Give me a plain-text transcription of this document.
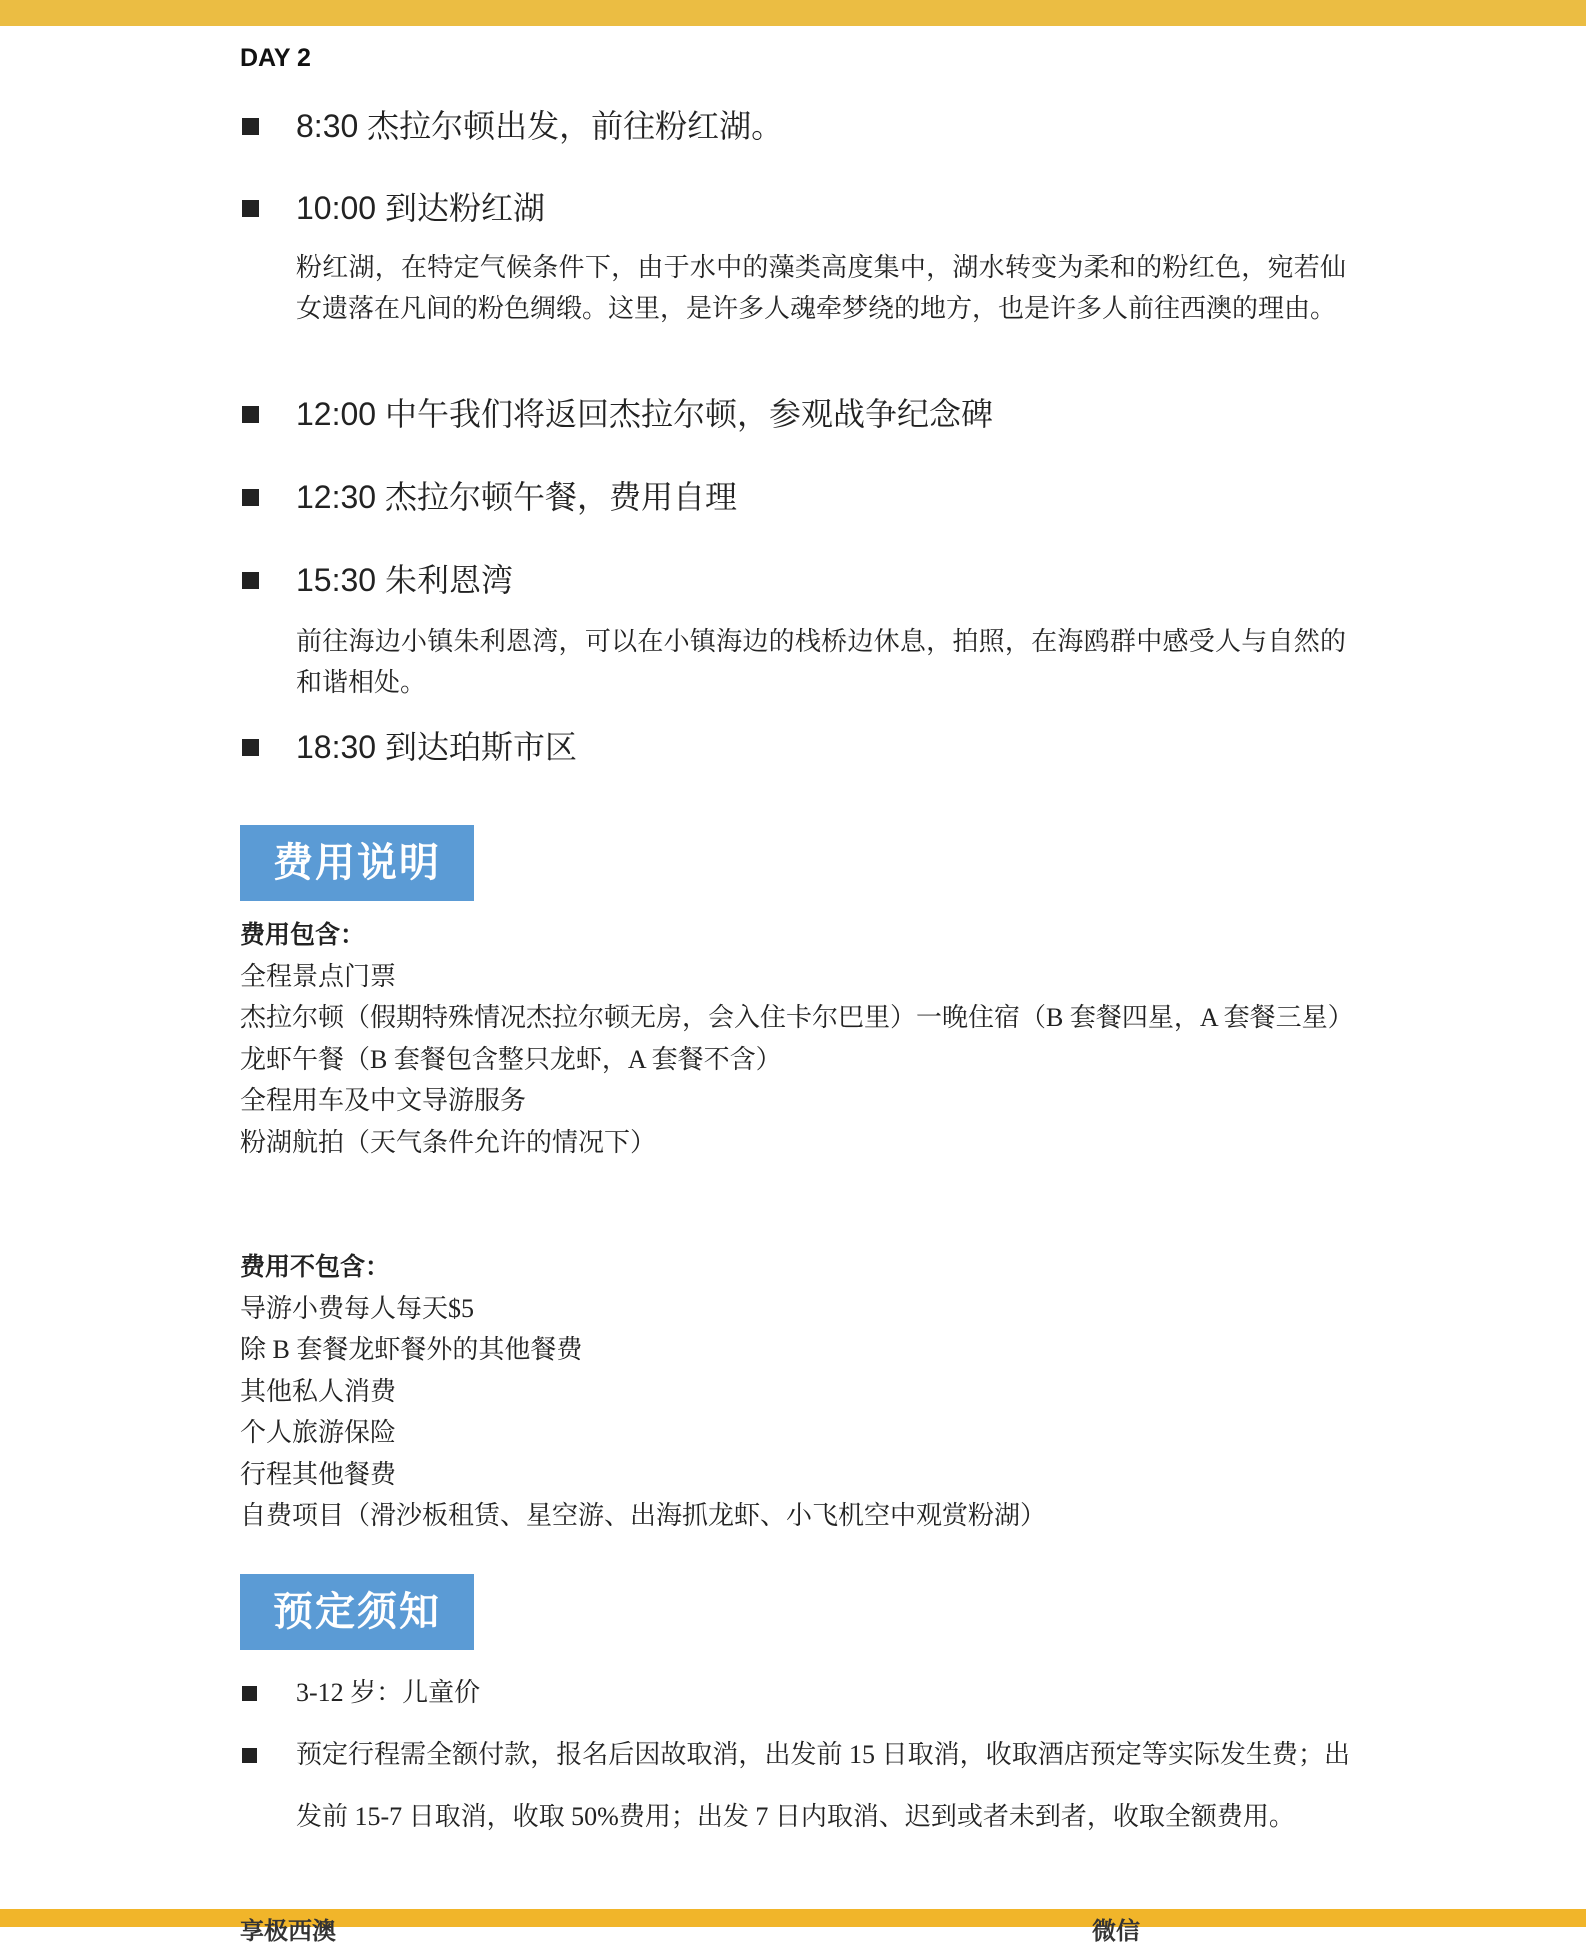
DAY 2
8:30 杰拉尔顿出发，前往粉红湖。
10:00 到达粉红湖
粉红湖，在特定气候条件下，由于水中的藻类高度集中，湖水转变为柔和的粉红色，宛若仙女遗落在凡间的粉色绸缎。这里，是许多人魂牵梦绕的地方，也是许多人前往西澳的理由。
12:00 中午我们将返回杰拉尔顿，参观战争纪念碑
12:30 杰拉尔顿午餐，费用自理
15:30 朱利恩湾
前往海边小镇朱利恩湾，可以在小镇海边的栈桥边休息，拍照，在海鸥群中感受人与自然的和谐相处。
18:30 到达珀斯市区
费用说明
费用包含：
全程景点门票
杰拉尔顿（假期特殊情况杰拉尔顿无房，会入住卡尔巴里）一晚住宿（B 套餐四星，A 套餐三星）
龙虾午餐（B 套餐包含整只龙虾，A 套餐不含）
全程用车及中文导游服务
粉湖航拍（天气条件允许的情况下）
费用不包含：
导游小费每人每天$5
除 B 套餐龙虾餐外的其他餐费
其他私人消费
个人旅游保险
行程其他餐费
自费项目（滑沙板租赁、星空游、出海抓龙虾、小飞机空中观赏粉湖）
预定须知
3-12 岁：儿童价
预定行程需全额付款，报名后因故取消，出发前 15 日取消，收取酒店预定等实际发生费；出发前 15-7 日取消，收取 50%费用；出发 7 日内取消、迟到或者未到者，收取全额费用。
享极西澳	微信
